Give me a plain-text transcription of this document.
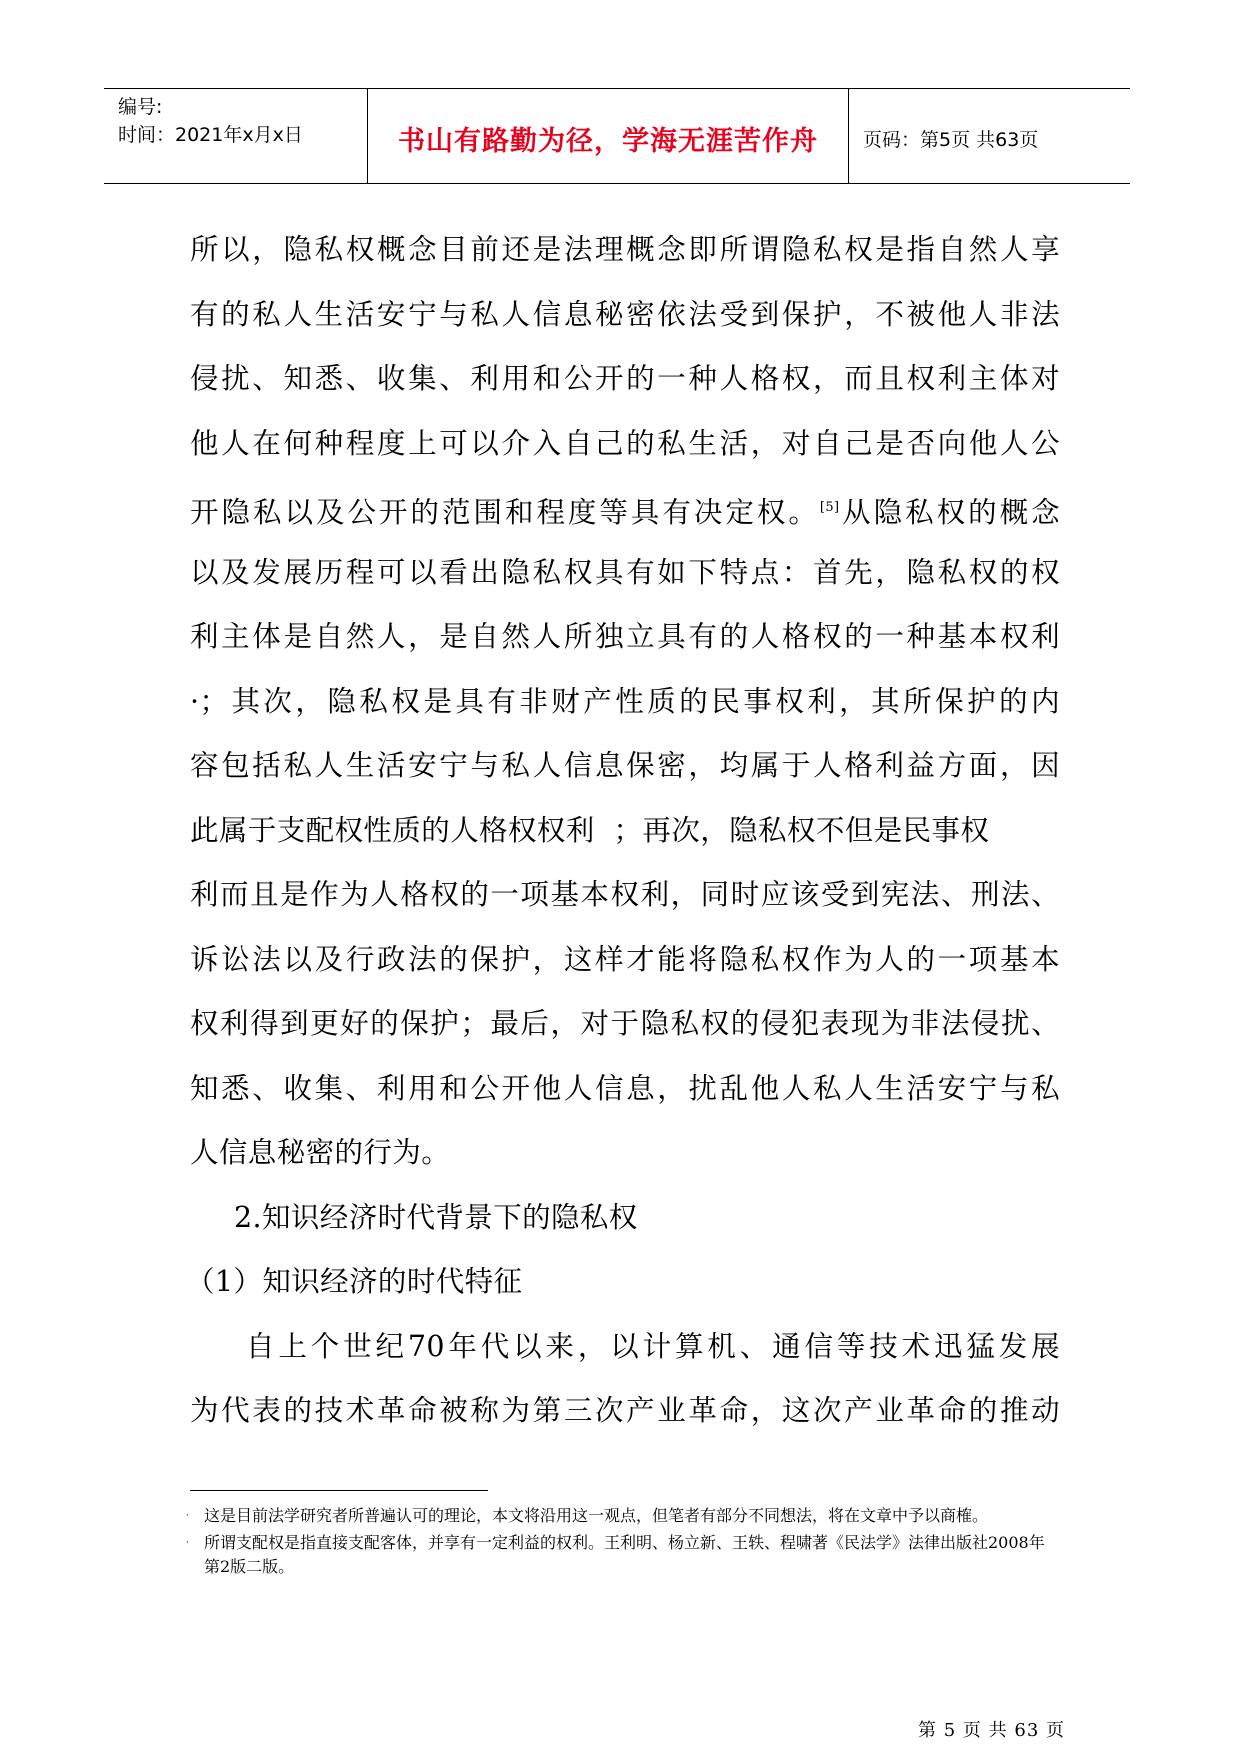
编号:
时间：2021年x月x日	书山有路勤为径，学海无涯苦作舟 页码：第5页 共63页
所以，隐私权概念目前还是法理概念即所谓隐私权是指自然人享
有的私人生活安宁与私人信息秘密依法受到保护，不被他人非法
侵扰、知悉、收集、利用和公开的一种人格权，而且权利主体对
他人在何种程度上可以介入自己的私生活，对自己是否向他人公
开隐私以及公开的范围和程度等具有决定权。[5]从隐私权的概念
以及发展历程可以看出隐私权具有如下特点：首先，隐私权的权
利主体是自然人，是自然人所独立具有的人格权的一种基本权利
·；其次，隐私权是具有非财产性质的民事权利，其所保护的内
容包括私人生活安宁与私人信息保密，均属于人格利益方面，因
此属于支配权性质的人格权权利  ；再次，隐私权不但是民事权
利而且是作为人格权的一项基本权利，同时应该受到宪法、刑法、
诉讼法以及行政法的保护，这样才能将隐私权作为人的一项基本
权利得到更好的保护；最后，对于隐私权的侵犯表现为非法侵扰、
知悉、收集、利用和公开他人信息，扰乱他人私人生活安宁与私
人信息秘密的行为。
2.知识经济时代背景下的隐私权
（1）知识经济的时代特征
自上个世纪70年代以来，以计算机、通信等技术迅猛发展
为代表的技术革命被称为第三次产业革命，这次产业革命的推动
· 这是目前法学研究者所普遍认可的理论，本文将沿用这一观点，但笔者有部分不同想法，将在文章中予以商榷。
· 所谓支配权是指直接支配客体，并享有一定利益的权利。王利明、杨立新、王轶、程啸著《民法学》法律出版社2008年第2版二版。
第 5 页 共 63 页
